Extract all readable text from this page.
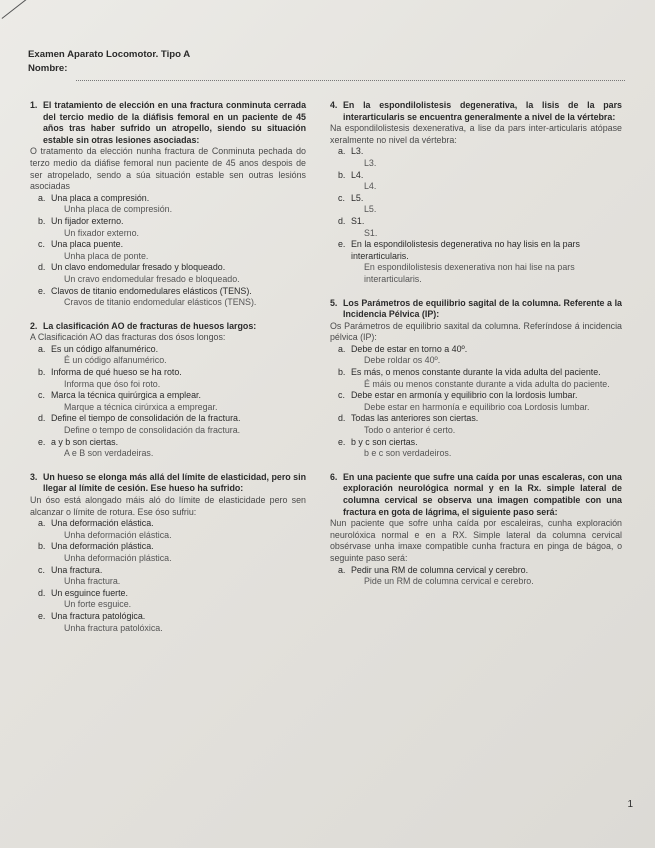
Examen Aparato Locomotor. Tipo A
Nombre:
1. El tratamiento de elección en una fractura conminuta cerrada del tercio medio de la diáfisis femoral en un paciente de 45 años tras haber sufrido un atropello, siendo su situación estable sin otras lesiones asociadas:
O tratamento da elección nunha fractura de Conminuta pechada do terzo medio da diáfise femoral nun paciente de 45 anos despois de ser atropelado, sendo a súa situación estable sen outras lesións asociadas
a. Una placa a compresión.
Unha placa de compresión.
b. Un fijador externo.
Un fixador externo.
c. Una placa puente.
Unha placa de ponte.
d. Un clavo endomedular fresado y bloqueado.
Un cravo endomedular fresado e bloqueado.
e. Clavos de titanio endomedulares elásticos (TENS).
Cravos de titanio endomedular elásticos (TENS).
2. La clasificación AO de fracturas de huesos largos:
A Clasificación AO das fracturas dos ósos longos:
a. Es un código alfanumérico.
É un código alfanumérico.
b. Informa de qué hueso se ha roto.
Informa que óso foi roto.
c. Marca la técnica quirúrgica a emplear.
Marque a técnica cirúrxica a empregar.
d. Define el tiempo de consolidación de la fractura.
Define o tempo de consolidación da fractura.
e. a y b son ciertas.
A e B son verdadeiras.
3. Un hueso se elonga más allá del límite de elasticidad, pero sin llegar al límite de cesión. Ese hueso ha sufrido:
Un óso está alongado máis aló do límite de elasticidade pero sen alcanzar o límite de rotura. Ese óso sufriu:
a. Una deformación elástica.
Unha deformación elástica.
b. Una deformación plástica.
Unha deformación plástica.
c. Una fractura.
Unha fractura.
d. Un esguince fuerte.
Un forte esguice.
e. Una fractura patológica.
Unha fractura patolóxica.
4. En la espondilolistesis degenerativa, la lisis de la pars interarticularis se encuentra generalmente a nivel de la vértebra:
Na espondilolistesis dexenerativa, a lise da pars inter-articularis atópase xeralmente no nivel da vértebra:
a. L3.
L3.
b. L4.
L4.
c. L5.
L5.
d. S1.
S1.
e. En la espondilolistesis degenerativa no hay lisis en la pars interarticularis.
En espondilolistesis dexenerativa non hai lise na pars interarticularis.
5. Los Parámetros de equilibrio sagital de la columna. Referente a la Incidencia Pélvica (IP):
Os Parámetros de equilibrio saxital da columna. Referíndose á incidencia pélvica (IP):
a. Debe de estar en torno a 40º.
Debe roldar os 40º.
b. Es más, o menos constante durante la vida adulta del paciente.
É máis ou menos constante durante a vida adulta do paciente.
c. Debe estar en armonía y equilibrio con la lordosis lumbar.
Debe estar en harmonía e equilibrio coa Lordosis lumbar.
d. Todas las anteriores son ciertas.
Todo o anterior é certo.
e. b y c son ciertas.
b e c son verdadeiros.
6. En una paciente que sufre una caída por unas escaleras, con una exploración neurológica normal y en la Rx. simple lateral de columna cervical se observa una imagen compatible con una fractura en gota de lágrima, el siguiente paso será:
Nun paciente que sofre unha caída por escaleiras, cunha exploración neurolóxica normal e en a RX. Simple lateral da columna cervical obsérvase unha imaxe compatible cunha fractura en pinga de bágoa, o seguinte paso será:
a. Pedir una RM de columna cervical y cerebro.
Pide un RM de columna cervical e cerebro.
1
